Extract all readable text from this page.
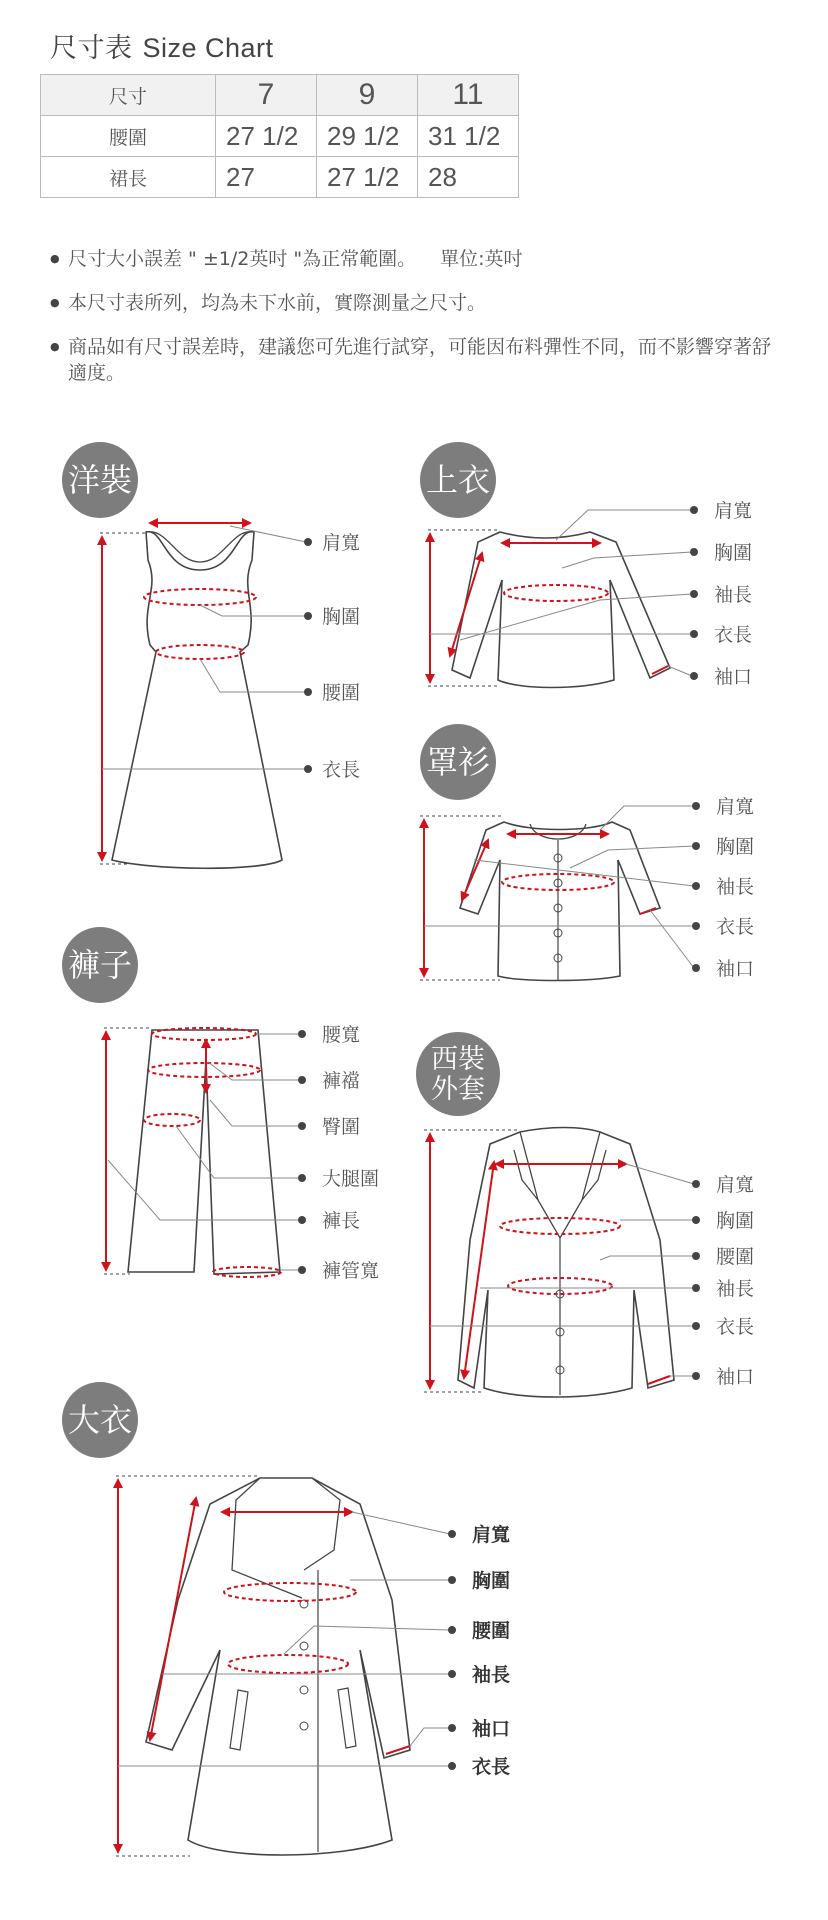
尺寸表 Size Chart
尺寸	7	9	11
腰圍	27 1/2	29 1/2	31 1/2
裙長	27	27 1/2	28
● 尺寸大小誤差 " ±1/2英吋 "為正常範圍。 單位:英吋
● 本尺寸表所列，均為未下水前，實際測量之尺寸。
● 商品如有尺寸誤差時，建議您可先進行試穿，可能因布料彈性不同，而不影響穿著舒適度。
洋裝
肩寬
胸圍
腰圍
衣長
上衣
肩寬
胸圍
袖長
衣長
袖口
罩衫
肩寬
胸圍
袖長
衣長
袖口
褲子
腰寬
褲襠
臀圍
大腿圍
褲長
褲管寬
西裝
外套
肩寬
胸圍
腰圍
袖長
衣長
袖口
大衣
肩寬
胸圍
腰圍
袖長
袖口
衣長
